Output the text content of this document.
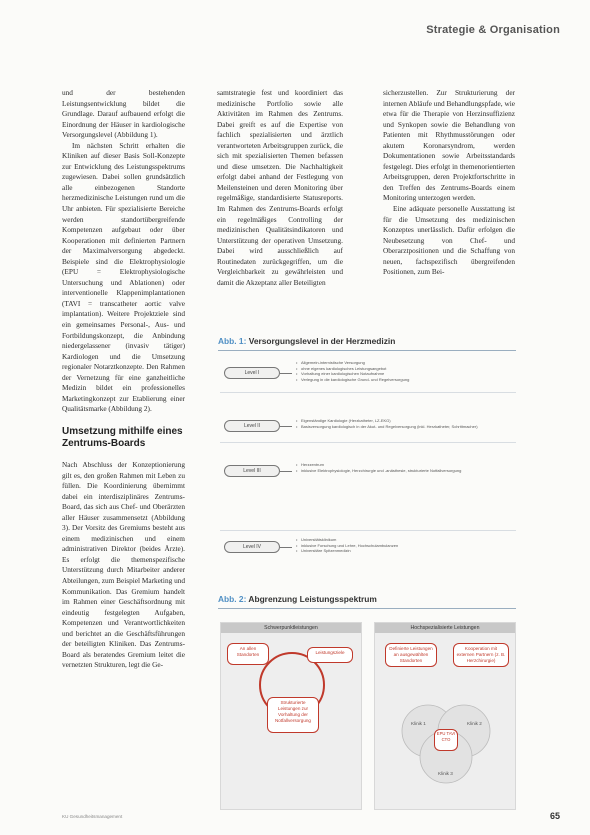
Strategie & Organisation

und der bestehenden Leistungsentwicklung bildet die Grundlage. Darauf aufbauend erfolgt die Einordnung der Häuser in kardiologische Versorgungslevel (Abbildung 1).

Im nächsten Schritt erhalten die Kliniken auf dieser Basis Soll-Konzepte zur Entwicklung des Leistungsspektrums zugewiesen. Dabei sollen grundsätzlich alle einbezogenen Standorte herzmedizinische Leistungen rund um die Uhr anbieten. Für spezialisierte Bereiche werden standortübergreifende Kompetenzen aufgebaut oder über Kooperationen mit definierten Partnern der Maximalversorgung abgedeckt. Beispiele sind die Elektrophysiologie (EPU = Elektrophysiologische Untersuchung und Ablationen) oder interventionelle Klappenimplantationen (TAVI = transcatheter aortic valve implantation). Weitere Projektziele sind ein gemeinsames Personal-, Aus- und Fortbildungskonzept, die Anbindung niedergelassener (invasiv tätiger) Kardiologen und die Umsetzung regionaler Notarztkonzepte. Den Rahmen der Vernetzung für eine ganzheitliche Medizin bildet ein professionelles Marketingkonzept zur Etablierung einer Qualitätsmarke (Abbildung 2).

Umsetzung mithilfe eines Zentrums-Boards

Nach Abschluss der Konzeptionierung gilt es, den großen Rahmen mit Leben zu füllen. Die Koordinierung übernimmt dabei ein interdisziplinäres Zentrums-Board, das sich aus Chef- und Oberärzten aller Häuser zusammensetzt (Abbildung 3). Der Vorsitz des Gremiums besteht aus einem medizinischen und einem administrativen Direktor (beides Ärzte). Es erfolgt die themenspezifische Unterstützung durch Mitarbeiter anderer Abteilungen, zum Beispiel Marketing und Kommunikation. Das Gremium handelt im Rahmen einer Geschäftsordnung mit eindeutig festgelegten Aufgaben, Kompetenzen und Verantwortlichkeiten und berichtet an die Geschäftsführungen der beteiligten Kliniken. Das Zentrums-Board als beratendes Gremium leitet die vernetzten Strukturen, legt die Ge-

samtstrategie fest und koordiniert das medizinische Portfolio sowie alle Aktivitäten im Rahmen des Zentrums. Dabei greift es auf die Expertise von fachlich spezialisierten und ärztlich verantworteten Arbeitsgruppen zurück, die sich mit spezialisierten Themen befassen und diese umsetzen. Die Nachhaltigkeit erfolgt dabei anhand der Festlegung von Meilensteinen und deren Monitoring über regelmäßige, standardisierte Statusreports. Im Rahmen des Zentrums-Boards erfolgt ein regelmäßiges Controlling der medizinischen Qualitätsindikatoren und Unterstützung der operativen Umsetzung. Dabei wird ausschließlich auf Routinedaten zurückgegriffen, um die Vergleichbarkeit zu gewährleisten und damit die Akzeptanz aller Beteiligten

sicherzustellen. Zur Strukturierung der internen Abläufe und Behandlungspfade, wie etwa für die Therapie von Herzinsuffizienz und Synkopen sowie die Behandlung von Patienten mit Rhythmusstörungen oder akutem Koronarsyndrom, werden Dokumentationen sowie Arbeitsstandards festgelegt. Dies erfolgt in themenorientierten Arbeitsgruppen, deren Projektfortschritte in den Treffen des Zentrums-Boards einem Monitoring unterzogen werden.

Eine adäquate personelle Ausstattung ist für die Umsetzung des medizinischen Konzeptes unerlässlich. Dafür erfolgen die Neubesetzung von Chef- und Oberarztpositionen und die Schaffung von neuen, fachspezifisch übergreifenden Positionen, zum Bei-

Abb. 1: Versorgungslevel in der Herzmedizin
Level I
• Allgemein-internistische Versorgung
• ohne eigenes kardiologisches Leistungsangebot
• Vorhaltung einer kardiologischen Notaufnahme
• Verlegung in die kardiologische Grund- und Regelversorgung
Level II
• Eigenständige Kardiologie (Herzkatheter, LZ-EKG)
• Basisversorgung kardiologisch in der Akut- und Regelversorgung (inkl. Herzkatheter, Schrittmacher)
Level III
• Herzzentrum
• inklusive Elektrophysiologie, Herzchirurgie und -anästhesie, strukturierte Notfallversorgung
Level IV
• Universitätsklinikum
• inklusive Forschung und Lehre, Hochschulambulanzen
• Universitäre Spitzenmedizin
Abb. 2: Abgrenzung Leistungsspektrum
Schwerpunktleistungen
An allen Standorten	Leistungsziele
Strukturierte Leistungen zur Vorhaltung der Notfallversorgung
Hochspezialisierte Leistungen
Definierte Leistungen an ausgewählten Standorten
Kooperation mit externen Partnern (z. B. Herzchirurgie)
Klinik 1	Klinik 2
Klinik 3
EPU TAVI CTO
KU Gesundheitsmanagement	65
